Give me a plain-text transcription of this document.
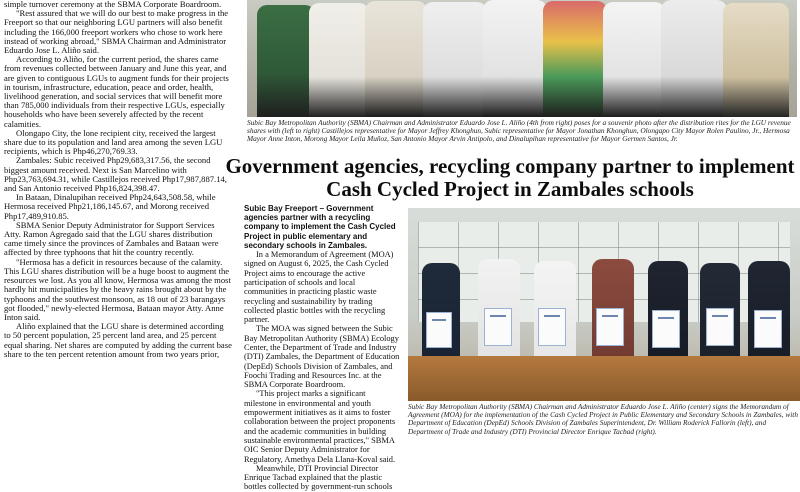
simple turnover ceremony at the SBMA Corporate Boardroom.

"Rest assured that we will do our best to make progress in the Freeport so that our neighboring LGU partners will also benefit including the 166,000 freeport workers who chose to work here instead of working abroad," SBMA Chairman and Administrator Eduardo Jose L. Aliño said.

According to Aliño, for the current period, the shares came from revenues collected between January and June this year, and are given to contiguous LGUs to augment funds for their projects in tourism, infrastructure, education, peace and order, health, livelihood generation, and social services that will benefit more than 785,000 individuals from their respective LGUs, especially households who have been severely affected by the recent calamities.

Olongapo City, the lone recipient city, received the largest share due to its population and land area among the seven LGU recipients, which is Php46,270,769.33.

Zambales: Subic received Php29,683,317.56, the second biggest amount received. Next is San Marcelino with Php23,763,694.31, while Castillejos received Php17,987,887.14, and San Antonio received Php16,824,398.47.

In Bataan, Dinalupihan received Php24,643,508.58, while Hermosa received Php21,186,145.67, and Morong received Php17,489,910.85.

SBMA Senior Deputy Administrator for Support Services Atty. Ramon Agregado said that the LGU shares distribution came timely since the provinces of Zambales and Bataan were affected by three typhoons that hit the country recently.

"Hermosa has a deficit in resources because of the calamity. This LGU shares distribution will be a huge boost to augment the resources we lost. As you all know, Hermosa was among the most hardly hit municipalities by the heavy rains brought about by the typhoons and the southwest monsoon, as 18 out of 23 barangays got flooded," newly-elected Hermosa, Bataan mayor Atty. Anne Inton said.

Aliño explained that the LGU share is determined according to 50 percent population, 25 percent land area, and 25 percent equal sharing. Net shares are computed by adding the current base share to the ten percent retention amount from two years prior,

Subic Bay Metropolitan Authority (SBMA) Chairman and Administrator Eduardo Jose L. Aliño (4th from right) poses for a souvenir photo after the distribution rites for the LGU revenue shares with (left to right) Castillejos representative for Mayor Jeffrey Khonghun, Subic representative for Mayor Jonathan Khonghun, Olongapo City Mayor Rolen Paulino, Jr., Hermosa Mayor Anne Inton, Morong Mayor Leila Muñoz, San Antonio Mayor Arvin Antipolo, and Dinalupihan representative for Mayor Germen Santos, Jr.
Government agencies, recycling company partner to implement Cash Cycled Project in Zambales schools

Subic Bay Freeport – Government agencies partner with a recycling company to implement the Cash Cycled Project in public elementary and secondary schools in Zambales.

In a Memorandum of Agreement (MOA) signed on August 6, 2025, the Cash Cycled Project aims to encourage the active participation of schools and local communities in practicing plastic waste recycling and sustainability by trading collected plastic bottles with the recycling partner.

The MOA was signed between the Subic Bay Metropolitan Authority (SBMA) Ecology Center, the Department of Trade and Industry (DTI) Zambales, the Department of Education (DepEd) Schools Division of Zambales, and Foochi Trading and Resources Inc. at the SBMA Corporate Boardroom.

"This project marks a significant milestone in environmental and youth empowerment initiatives as it aims to foster collaboration between the project proponents and the academic communities in building sustainable environmental practices," SBMA OIC Senior Deputy Administrator for Regulatory, Amethya Dela Llana-Koval said.

Meanwhile, DTI Provincial Director Enrique Tacbad explained that the plastic bottles collected by government-run schools

Subic Bay Metropolitan Authority (SBMA) Chairman and Administrator Eduardo Jose L. Aliño (center) signs the Memorandum of Agreement (MOA) for the implementation of the Cash Cycled Project in Public Elementary and Secondary Schools in Zambales, with Department of Education (DepEd) Schools Division of Zambales Superintendent, Dr. William Roderick Fallorin (left), and Department of Trade and Industry (DTI) Provincial Director Enrique Tacbad (right).
